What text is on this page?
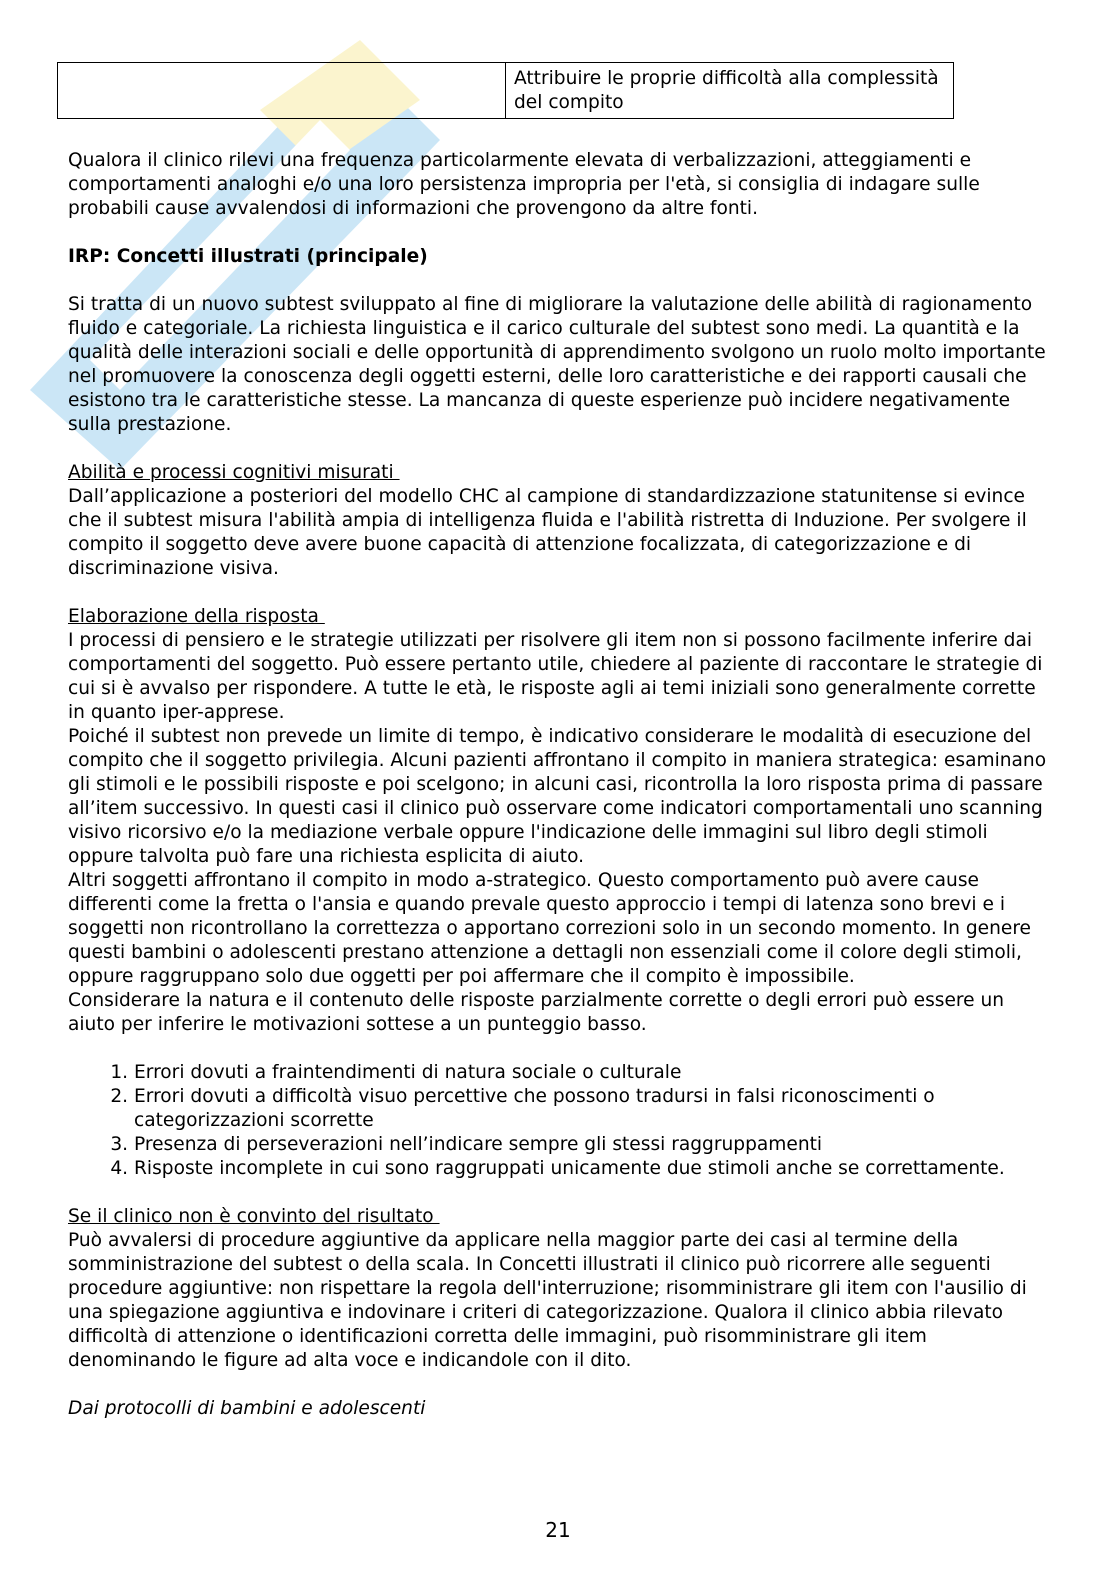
	Attribuire le proprie difficoltà alla complessità del compito

Qualora il clinico rilevi una frequenza particolarmente elevata di verbalizzazioni, atteggiamenti e comportamenti analoghi e/o una loro persistenza impropria per l'età, si consiglia di indagare sulle probabili cause avvalendosi di informazioni che provengono da altre fonti.

IRP: Concetti illustrati (principale)

Si tratta di un nuovo subtest sviluppato al fine di migliorare la valutazione delle abilità di ragionamento fluido e categoriale. La richiesta linguistica e il carico culturale del subtest sono medi. La quantità e la qualità delle interazioni sociali e delle opportunità di apprendimento svolgono un ruolo molto importante nel promuovere la conoscenza degli oggetti esterni, delle loro caratteristiche e dei rapporti causali che esistono tra le caratteristiche stesse. La mancanza di queste esperienze può incidere negativamente sulla prestazione.

Abilità e processi cognitivi misurati

Dall’applicazione a posteriori del modello CHC al campione di standardizzazione statunitense si evince che il subtest misura l'abilità ampia di intelligenza fluida e l'abilità ristretta di Induzione. Per svolgere il compito il soggetto deve avere buone capacità di attenzione focalizzata, di categorizzazione e di discriminazione visiva.

Elaborazione della risposta

I processi di pensiero e le strategie utilizzati per risolvere gli item non si possono facilmente inferire dai comportamenti del soggetto. Può essere pertanto utile, chiedere al paziente di raccontare le strategie di cui si è avvalso per rispondere. A tutte le età, le risposte agli ai temi iniziali sono generalmente corrette in quanto iper-apprese.

Poiché il subtest non prevede un limite di tempo, è indicativo considerare le modalità di esecuzione del compito che il soggetto privilegia. Alcuni pazienti affrontano il compito in maniera strategica: esaminano gli stimoli e le possibili risposte e poi scelgono; in alcuni casi, ricontrolla la loro risposta prima di passare all’item successivo. In questi casi il clinico può osservare come indicatori comportamentali uno scanning visivo ricorsivo e/o la mediazione verbale oppure l'indicazione delle immagini sul libro degli stimoli oppure talvolta può fare una richiesta esplicita di aiuto.

Altri soggetti affrontano il compito in modo a-strategico. Questo comportamento può avere cause differenti come la fretta o l'ansia e quando prevale questo approccio i tempi di latenza sono brevi e i soggetti non ricontrollano la correttezza o apportano correzioni solo in un secondo momento. In genere questi bambini o adolescenti prestano attenzione a dettagli non essenziali come il colore degli stimoli, oppure raggruppano solo due oggetti per poi affermare che il compito è impossibile.

Considerare la natura e il contenuto delle risposte parzialmente corrette o degli errori può essere un aiuto per inferire le motivazioni sottese a un punteggio basso.

1. Errori dovuti a fraintendimenti di natura sociale o culturale
2. Errori dovuti a difficoltà visuo percettive che possono tradursi in falsi riconoscimenti o categorizzazioni scorrette
3. Presenza di perseverazioni nell’indicare sempre gli stessi raggruppamenti
4. Risposte incomplete in cui sono raggruppati unicamente due stimoli anche se correttamente.

Se il clinico non è convinto del risultato

Può avvalersi di procedure aggiuntive da applicare nella maggior parte dei casi al termine della somministrazione del subtest o della scala. In Concetti illustrati il clinico può ricorrere alle seguenti procedure aggiuntive: non rispettare la regola dell'interruzione; risomministrare gli item con l'ausilio di una spiegazione aggiuntiva e indovinare i criteri di categorizzazione. Qualora il clinico abbia rilevato difficoltà di attenzione o identificazioni corretta delle immagini, può risomministrare gli item denominando le figure ad alta voce e indicandole con il dito.

Dai protocolli di bambini e adolescenti

21
